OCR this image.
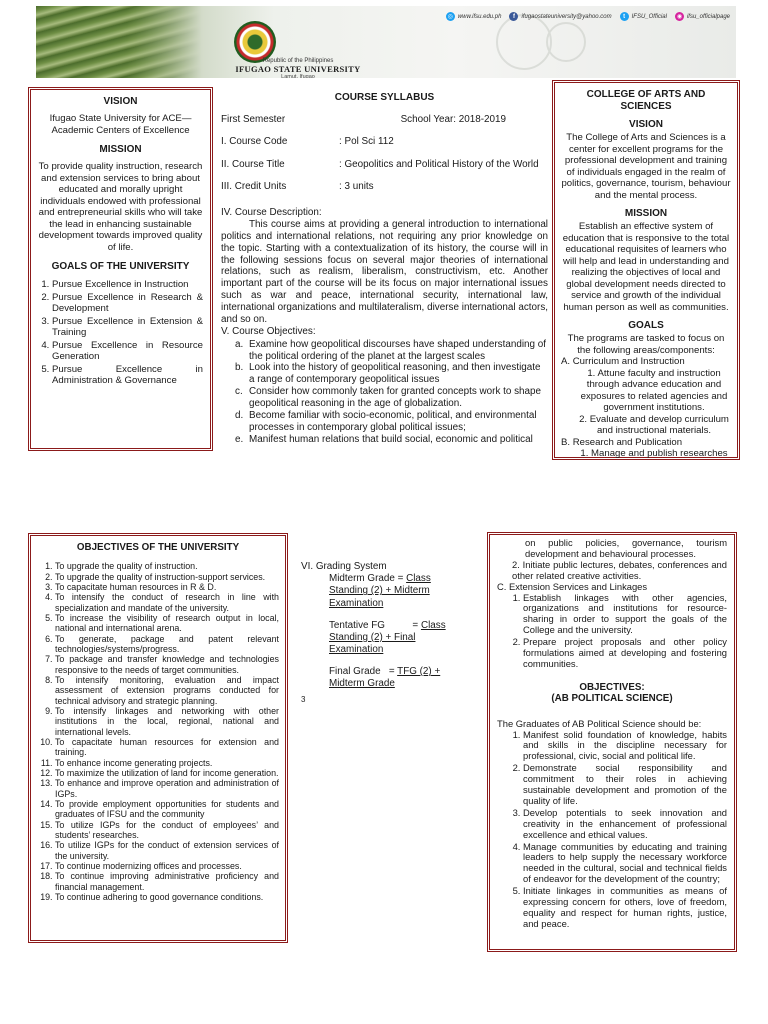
Republic of the Philippines
IFUGAO STATE UNIVERSITY
Lamut, Ifugao
◎ www.ifsu.edu.ph	f	ifugaostateuniversity@yahoo.com	t	IFSU_Official	◉ ifsu_officialpage
VISION

Ifugao State University for ACE—Academic Centers of Excellence

MISSION

To provide quality instruction, research and extension services to bring about educated and morally upright individuals endowed with professional and entrepreneurial skills who will take the lead in enhancing sustainable development towards improved quality of life.

GOALS OF THE UNIVERSITY
1. Pursue Excellence in Instruction
2. Pursue Excellence in Research & Development
3. Pursue Excellence in Extension & Training
4. Pursue Excellence in Resource Generation
5. Pursue Excellence in Administration & Governance
COURSE SYLLABUS
First Semester	School Year: 2018-2019
I. Course Code	: Pol Sci 112
II. Course Title	: Geopolitics and Political History of the World
III. Credit Units	: 3 units
IV. Course Description:
This course aims at providing a general introduction to international politics and international relations, not requiring any prior knowledge on the topic. Starting with a contextualization of its history, the course will in the following sessions focus on several major theories of international relations, such as realism, liberalism, constructivism, etc. Another important part of the course will be its focus on major international issues such as war and peace, international security, international law, international organizations and multilateralism, diverse international actors, and so on.
V. Course Objectives:
a. Examine how geopolitical discourses have shaped understanding of the political ordering of the planet at the largest scales
b. Look into the history of geopolitical reasoning, and then investigate a range of contemporary geopolitical issues
c. Consider how commonly taken for granted concepts work to shape geopolitical reasoning in the age of globalization.
d. Become familiar with socio-economic, political, and environmental processes in contemporary global political issues;
e. Manifest human relations that build social, economic and political
COLLEGE OF ARTS AND SCIENCES
VISION

The College of Arts and Sciences is a center for excellent programs for the professional development and training of individuals engaged in the realm of politics, governance, tourism, behaviour and the mental process.

MISSION

Establish an effective system of education that is responsive to the total educational requisites of learners who will help and lead in understanding and realizing the objectives of local and global development needs directed to service and growth of the individual human person as well as communities.

GOALS

The programs are tasked to focus on the following areas/components:

A. Curriculum and Instruction
1. Attune faculty and instruction through advance education and exposures to related agencies and government institutions.
2. Evaluate and develop curriculum and instructional materials.
B. Research and Publication
1. Manage and publish researches
OBJECTIVES OF THE UNIVERSITY
1. To upgrade the quality of instruction.
2. To upgrade the quality of instruction-support services.
3. To capacitate human resources in R & D.
4. To intensify the conduct of research in line with specialization and mandate of the university.
5. To increase the visibility of research output in local, national and international arena.
6. To generate, package and patent relevant technologies/systems/progress.
7. To package and transfer knowledge and technologies responsive to the needs of target communities.
8. To intensify monitoring, evaluation and impact assessment of extension programs conducted for technical advisory and strategic planning.
9. To intensify linkages and networking with other institutions in the local, regional, national and international levels.
10. To capacitate human resources for extension and training.
11. To enhance income generating projects.
12. To maximize the utilization of land for income generation.
13. To enhance and improve operation and administration of IGPs.
14. To provide employment opportunities for students and graduates of IFSU and the community
15. To utilize IGPs for the conduct of employees’ and students’ researches.
16. To utilize IGPs for the conduct of extension services of the university.
17. To continue modernizing offices and processes.
18. To continue improving administrative proficiency and financial management.
19. To continue adhering to good governance conditions.
VI. Grading System
Midterm Grade = Class Standing (2) + Midterm Examination
Tentative FG          = Class Standing (2) + Final Examination
Final Grade   = TFG (2) + Midterm Grade
3
on public policies, governance, tourism development and behavioural processes.
2. Initiate public lectures, debates, conferences and other related creative activities.
C. Extension Services and Linkages
1. Establish linkages with other agencies, organizations and institutions for resource-sharing in order to support the goals of the College and the university.
2. Prepare project proposals and other policy formulations aimed at developing and fostering communities.
OBJECTIVES:
(AB POLITICAL SCIENCE)
The Graduates of AB Political Science should be:
1. Manifest solid foundation of knowledge, habits and skills in the discipline necessary for professional, civic, social and political life.
2. Demonstrate social responsibility and commitment to their roles in achieving sustainable development and promotion of the quality of life.
3. Develop potentials to seek innovation and creativity in the enhancement of professional excellence and ethical values.
4. Manage communities by educating and training leaders to help supply the necessary workforce needed in the cultural, social and technical fields of endeavor for the development of the country;
5. Initiate linkages in communities as means of expressing concern for others, love of freedom, equality and respect for human rights, justice, and peace.
